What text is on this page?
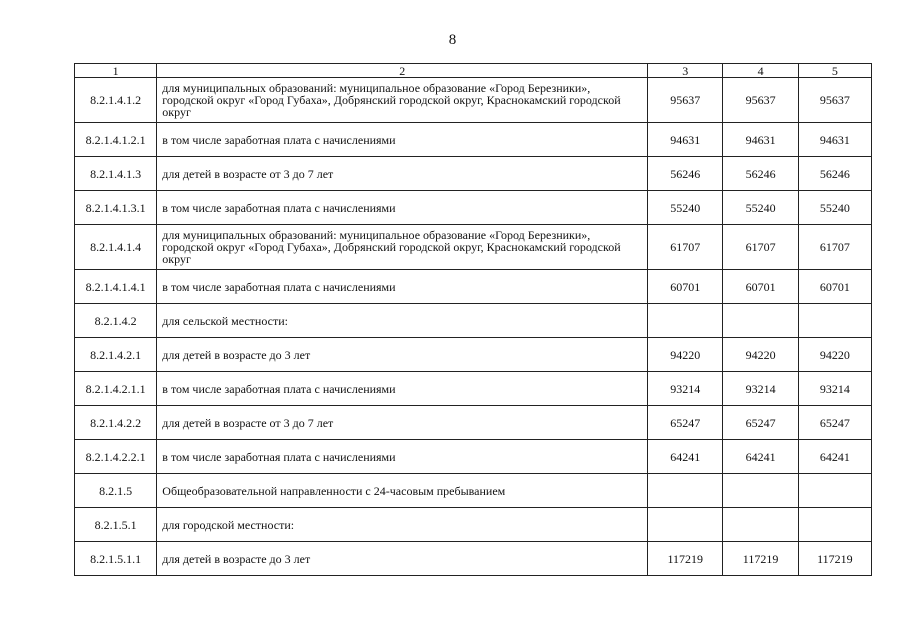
8
1	2	3	4	5
8.2.1.4.1.2	для муниципальных образований: муниципальное образование «Город Березники», городской округ «Город Губаха», Добрянский городской округ, Краснокамский городской округ	95637	95637	95637
8.2.1.4.1.2.1	в том числе заработная плата с начислениями	94631	94631	94631
8.2.1.4.1.3	для детей в возрасте от 3 до 7 лет	56246	56246	56246
8.2.1.4.1.3.1	в том числе заработная плата с начислениями	55240	55240	55240
8.2.1.4.1.4	для муниципальных образований: муниципальное образование «Город Березники», городской округ «Город Губаха», Добрянский городской округ, Краснокамский городской округ	61707	61707	61707
8.2.1.4.1.4.1	в том числе заработная плата с начислениями	60701	60701	60701
8.2.1.4.2	для сельской местности:			
8.2.1.4.2.1	для детей в возрасте до 3 лет	94220	94220	94220
8.2.1.4.2.1.1	в том числе заработная плата с начислениями	93214	93214	93214
8.2.1.4.2.2	для детей в возрасте от 3 до 7 лет	65247	65247	65247
8.2.1.4.2.2.1	в том числе заработная плата с начислениями	64241	64241	64241
8.2.1.5	Общеобразовательной направленности с 24-часовым пребыванием			
8.2.1.5.1	для городской местности:			
8.2.1.5.1.1	для детей в возрасте до 3 лет	117219	117219	117219
